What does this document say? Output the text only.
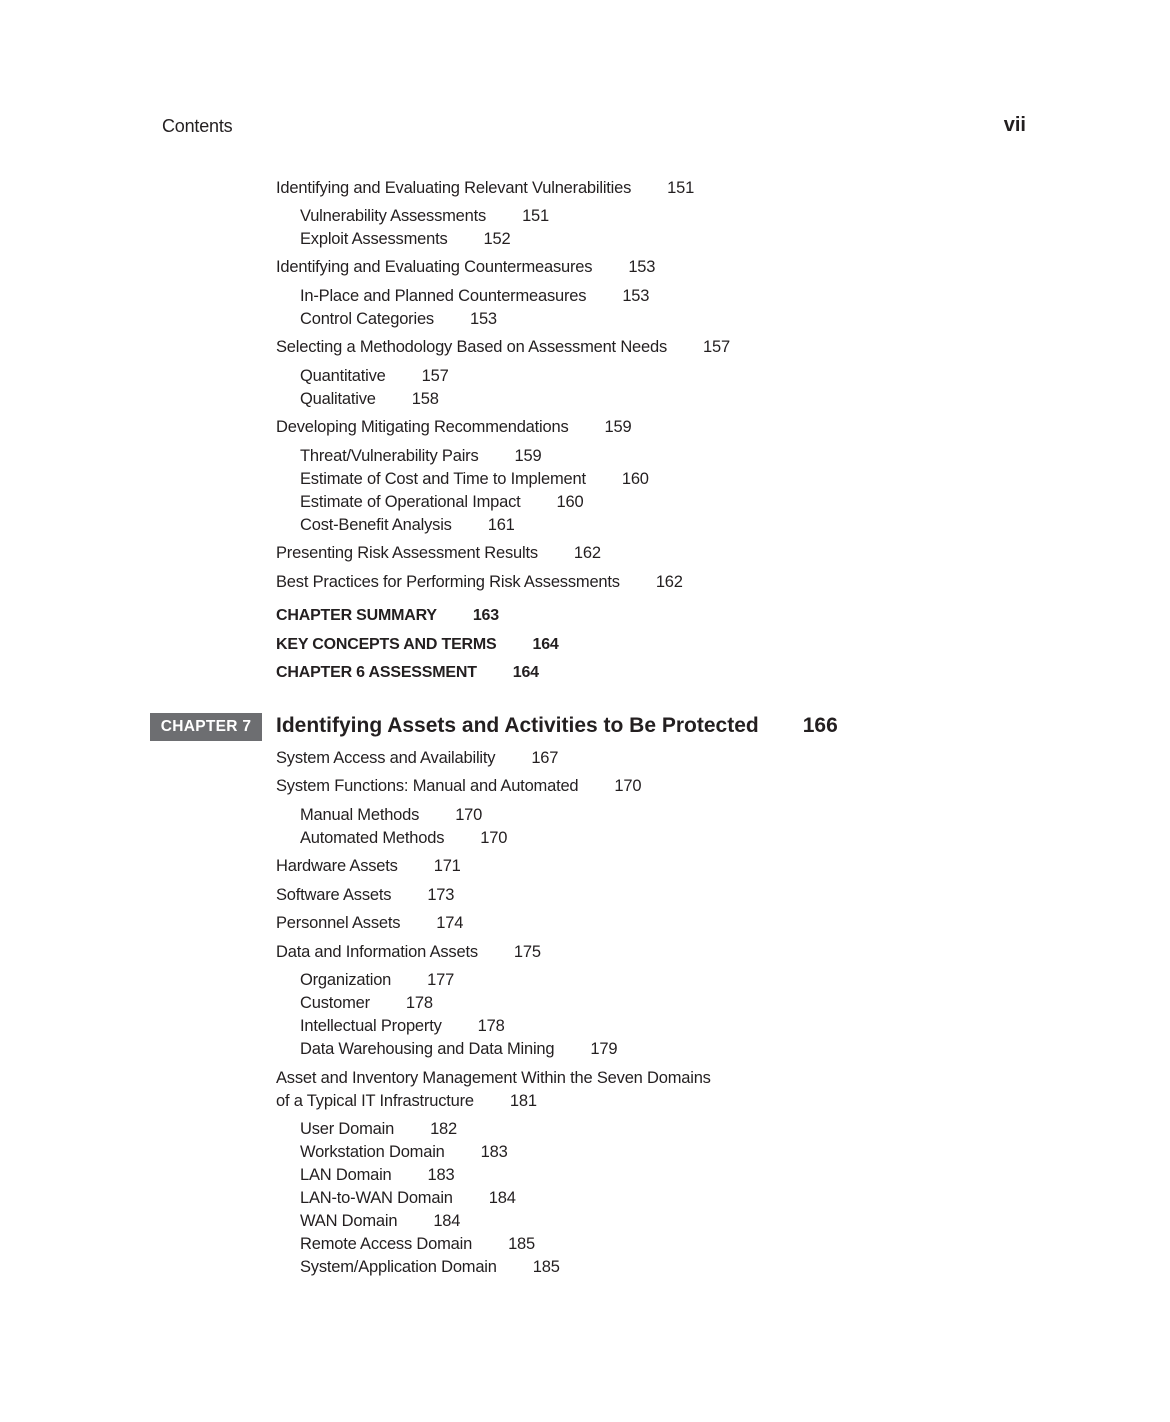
Contents	vii
Identifying and Evaluating Relevant Vulnerabilities 151
Vulnerability Assessments 151
Exploit Assessments 152
Identifying and Evaluating Countermeasures 153
In-Place and Planned Countermeasures 153
Control Categories 153
Selecting a Methodology Based on Assessment Needs 157
Quantitative 157
Qualitative 158
Developing Mitigating Recommendations 159
Threat/Vulnerability Pairs 159
Estimate of Cost and Time to Implement 160
Estimate of Operational Impact 160
Cost-Benefit Analysis 161
Presenting Risk Assessment Results 162
Best Practices for Performing Risk Assessments 162
CHAPTER SUMMARY 163
KEY CONCEPTS AND TERMS 164
CHAPTER 6 ASSESSMENT 164
CHAPTER 7	Identifying Assets and Activities to Be Protected 166
System Access and Availability 167
System Functions: Manual and Automated 170
Manual Methods 170
Automated Methods 170
Hardware Assets 171
Software Assets 173
Personnel Assets 174
Data and Information Assets 175
Organization 177
Customer 178
Intellectual Property 178
Data Warehousing and Data Mining 179
Asset and Inventory Management Within the Seven Domains
of a Typical IT Infrastructure 181
User Domain 182
Workstation Domain 183
LAN Domain 183
LAN-to-WAN Domain 184
WAN Domain 184
Remote Access Domain 185
System/Application Domain 185
